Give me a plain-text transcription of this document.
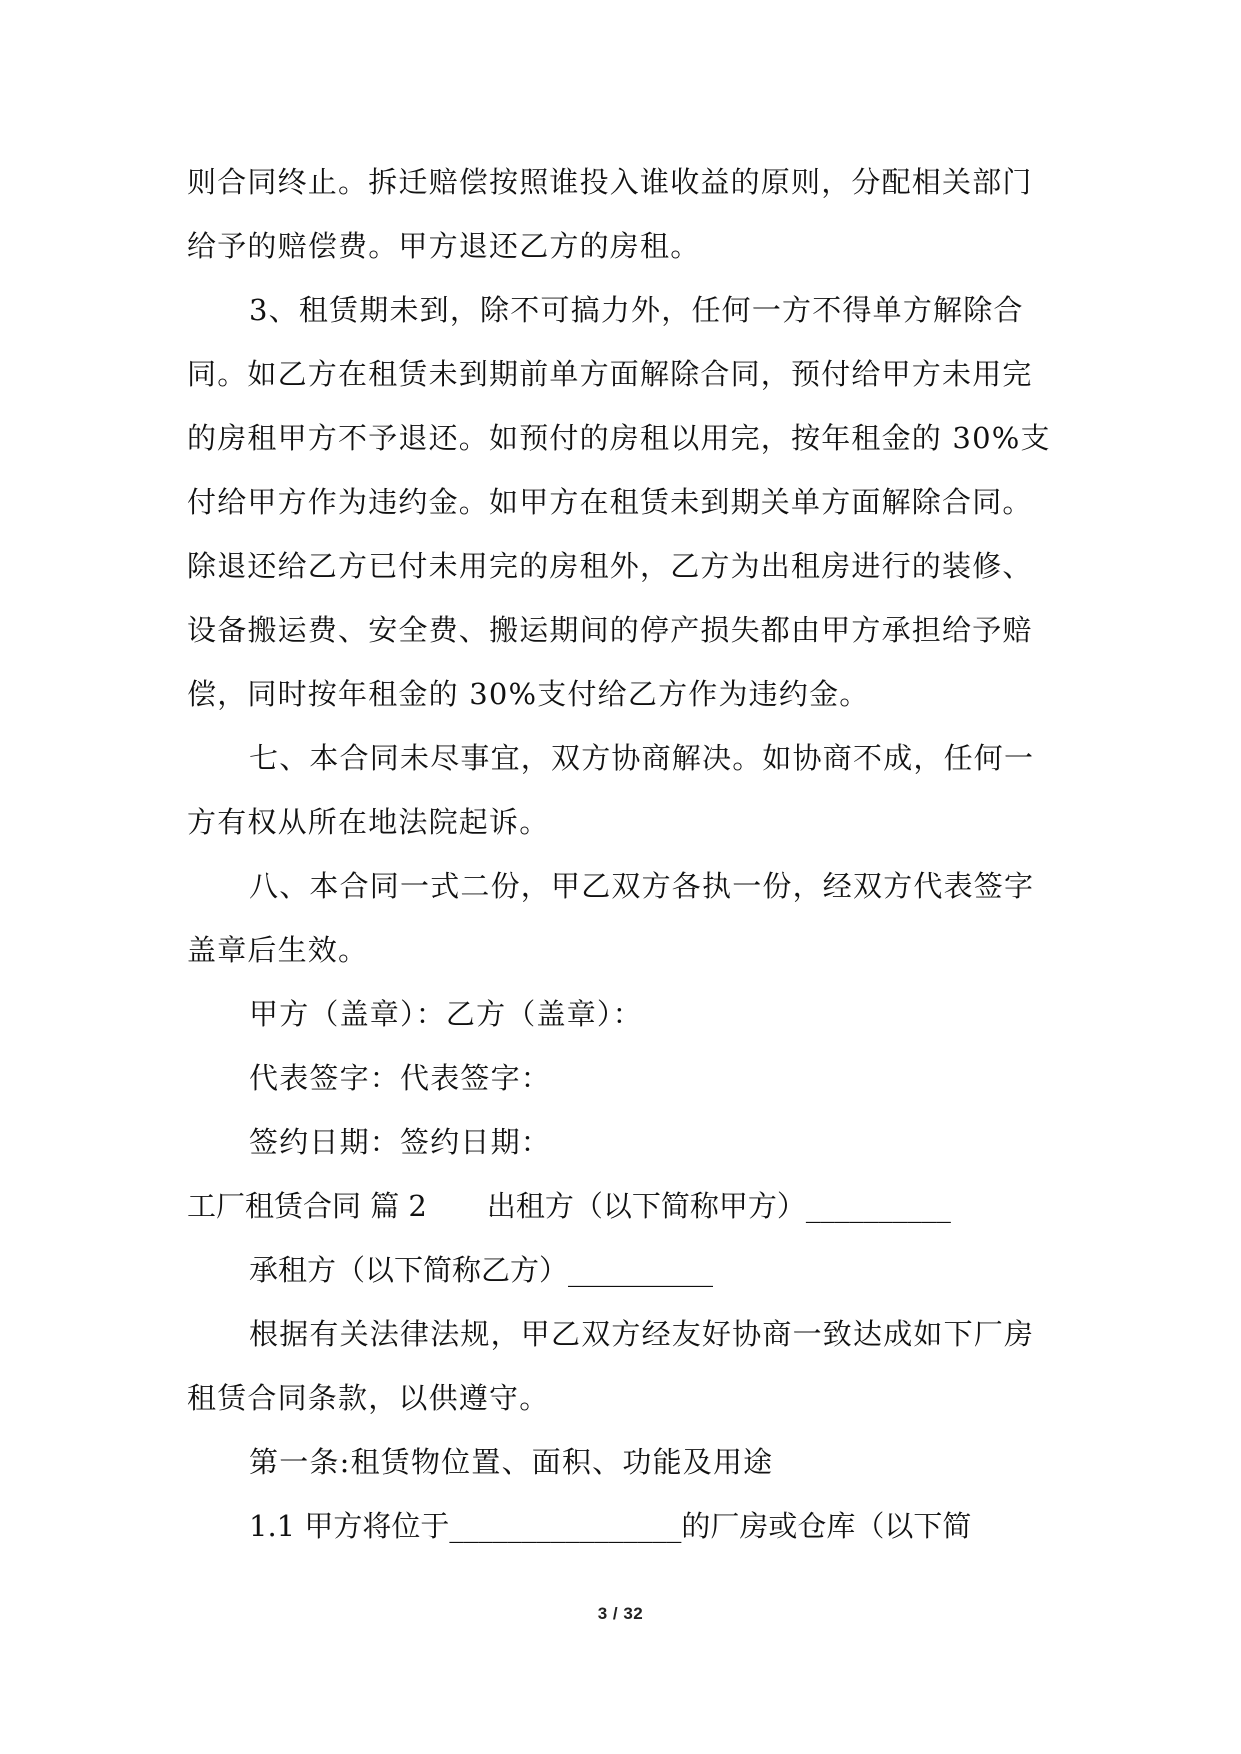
则合同终止。拆迁赔偿按照谁投入谁收益的原则，分配相关部门
给予的赔偿费。甲方退还乙方的房租。
3、租赁期未到，除不可搞力外，任何一方不得单方解除合
同。如乙方在租赁未到期前单方面解除合同，预付给甲方未用完
的房租甲方不予退还。如预付的房租以用完，按年租金的 30%支
付给甲方作为违约金。如甲方在租赁未到期关单方面解除合同。
除退还给乙方已付未用完的房租外，乙方为出租房进行的装修、
设备搬运费、安全费、搬运期间的停产损失都由甲方承担给予赔
偿，同时按年租金的 30%支付给乙方作为违约金。
七、本合同未尽事宜，双方协商解决。如协商不成，任何一
方有权从所在地法院起诉。
八、本合同一式二份，甲乙双方各执一份，经双方代表签字
盖章后生效。
甲方（盖章）：乙方（盖章）：
代表签字：代表签字：
签约日期：签约日期：
工厂租赁合同 篇 2 出租方（以下简称甲方）__________
承租方（以下简称乙方）__________
根据有关法律法规，甲乙双方经友好协商一致达成如下厂房
租赁合同条款，以供遵守。
第一条:租赁物位置、面积、功能及用途
1.1 甲方将位于________________的厂房或仓库（以下简
3 / 32
